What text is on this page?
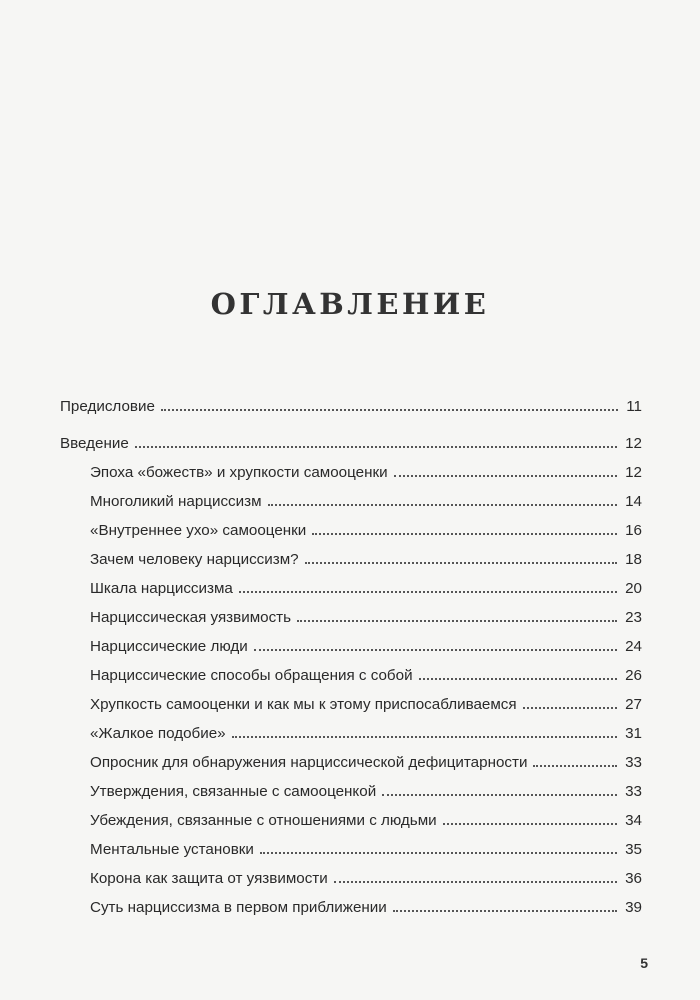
ОГЛАВЛЕНИЕ
Предисловие	11
Введение	12
Эпоха «божеств» и хрупкости самооценки	12
Многоликий нарциссизм	14
«Внутреннее ухо» самооценки	16
Зачем человеку нарциссизм?	18
Шкала нарциссизма	20
Нарциссическая уязвимость	23
Нарциссические люди	24
Нарциссические способы обращения с собой	26
Хрупкость самооценки и как мы к этому приспосабливаемся	27
«Жалкое подобие»	31
Опросник для обнаружения нарциссической дефицитарности	33
Утверждения, связанные с самооценкой	33
Убеждения, связанные с отношениями с людьми	34
Ментальные установки	35
Корона как защита от уязвимости	36
Суть нарциссизма в первом приближении	39
5
